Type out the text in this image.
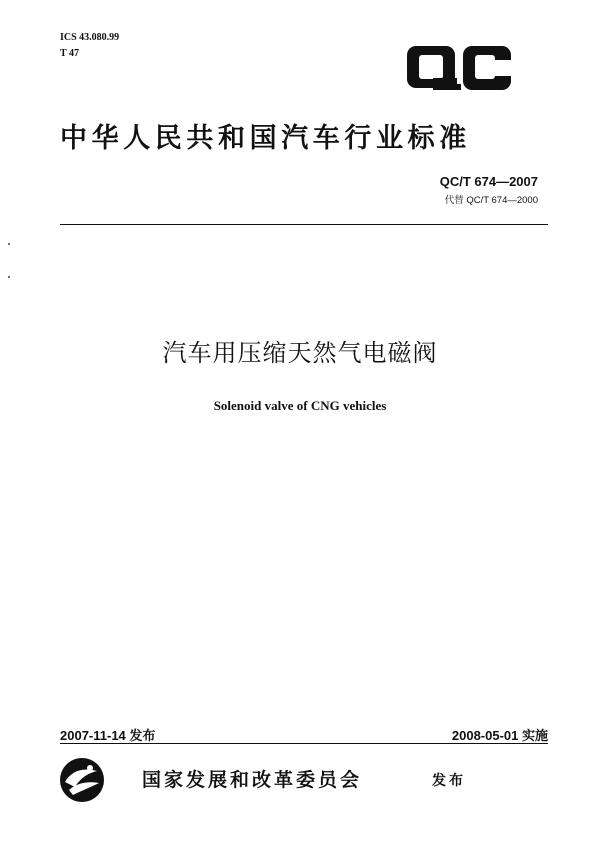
ICS 43.080.99
T 47
中华人民共和国汽车行业标准
QC/T 674—2007
代替 QC/T 674—2000
汽车用压缩天然气电磁阀
Solenoid valve of CNG vehicles
2007-11-14 发布	2008-05-01 实施
国家发展和改革委员会	发布
